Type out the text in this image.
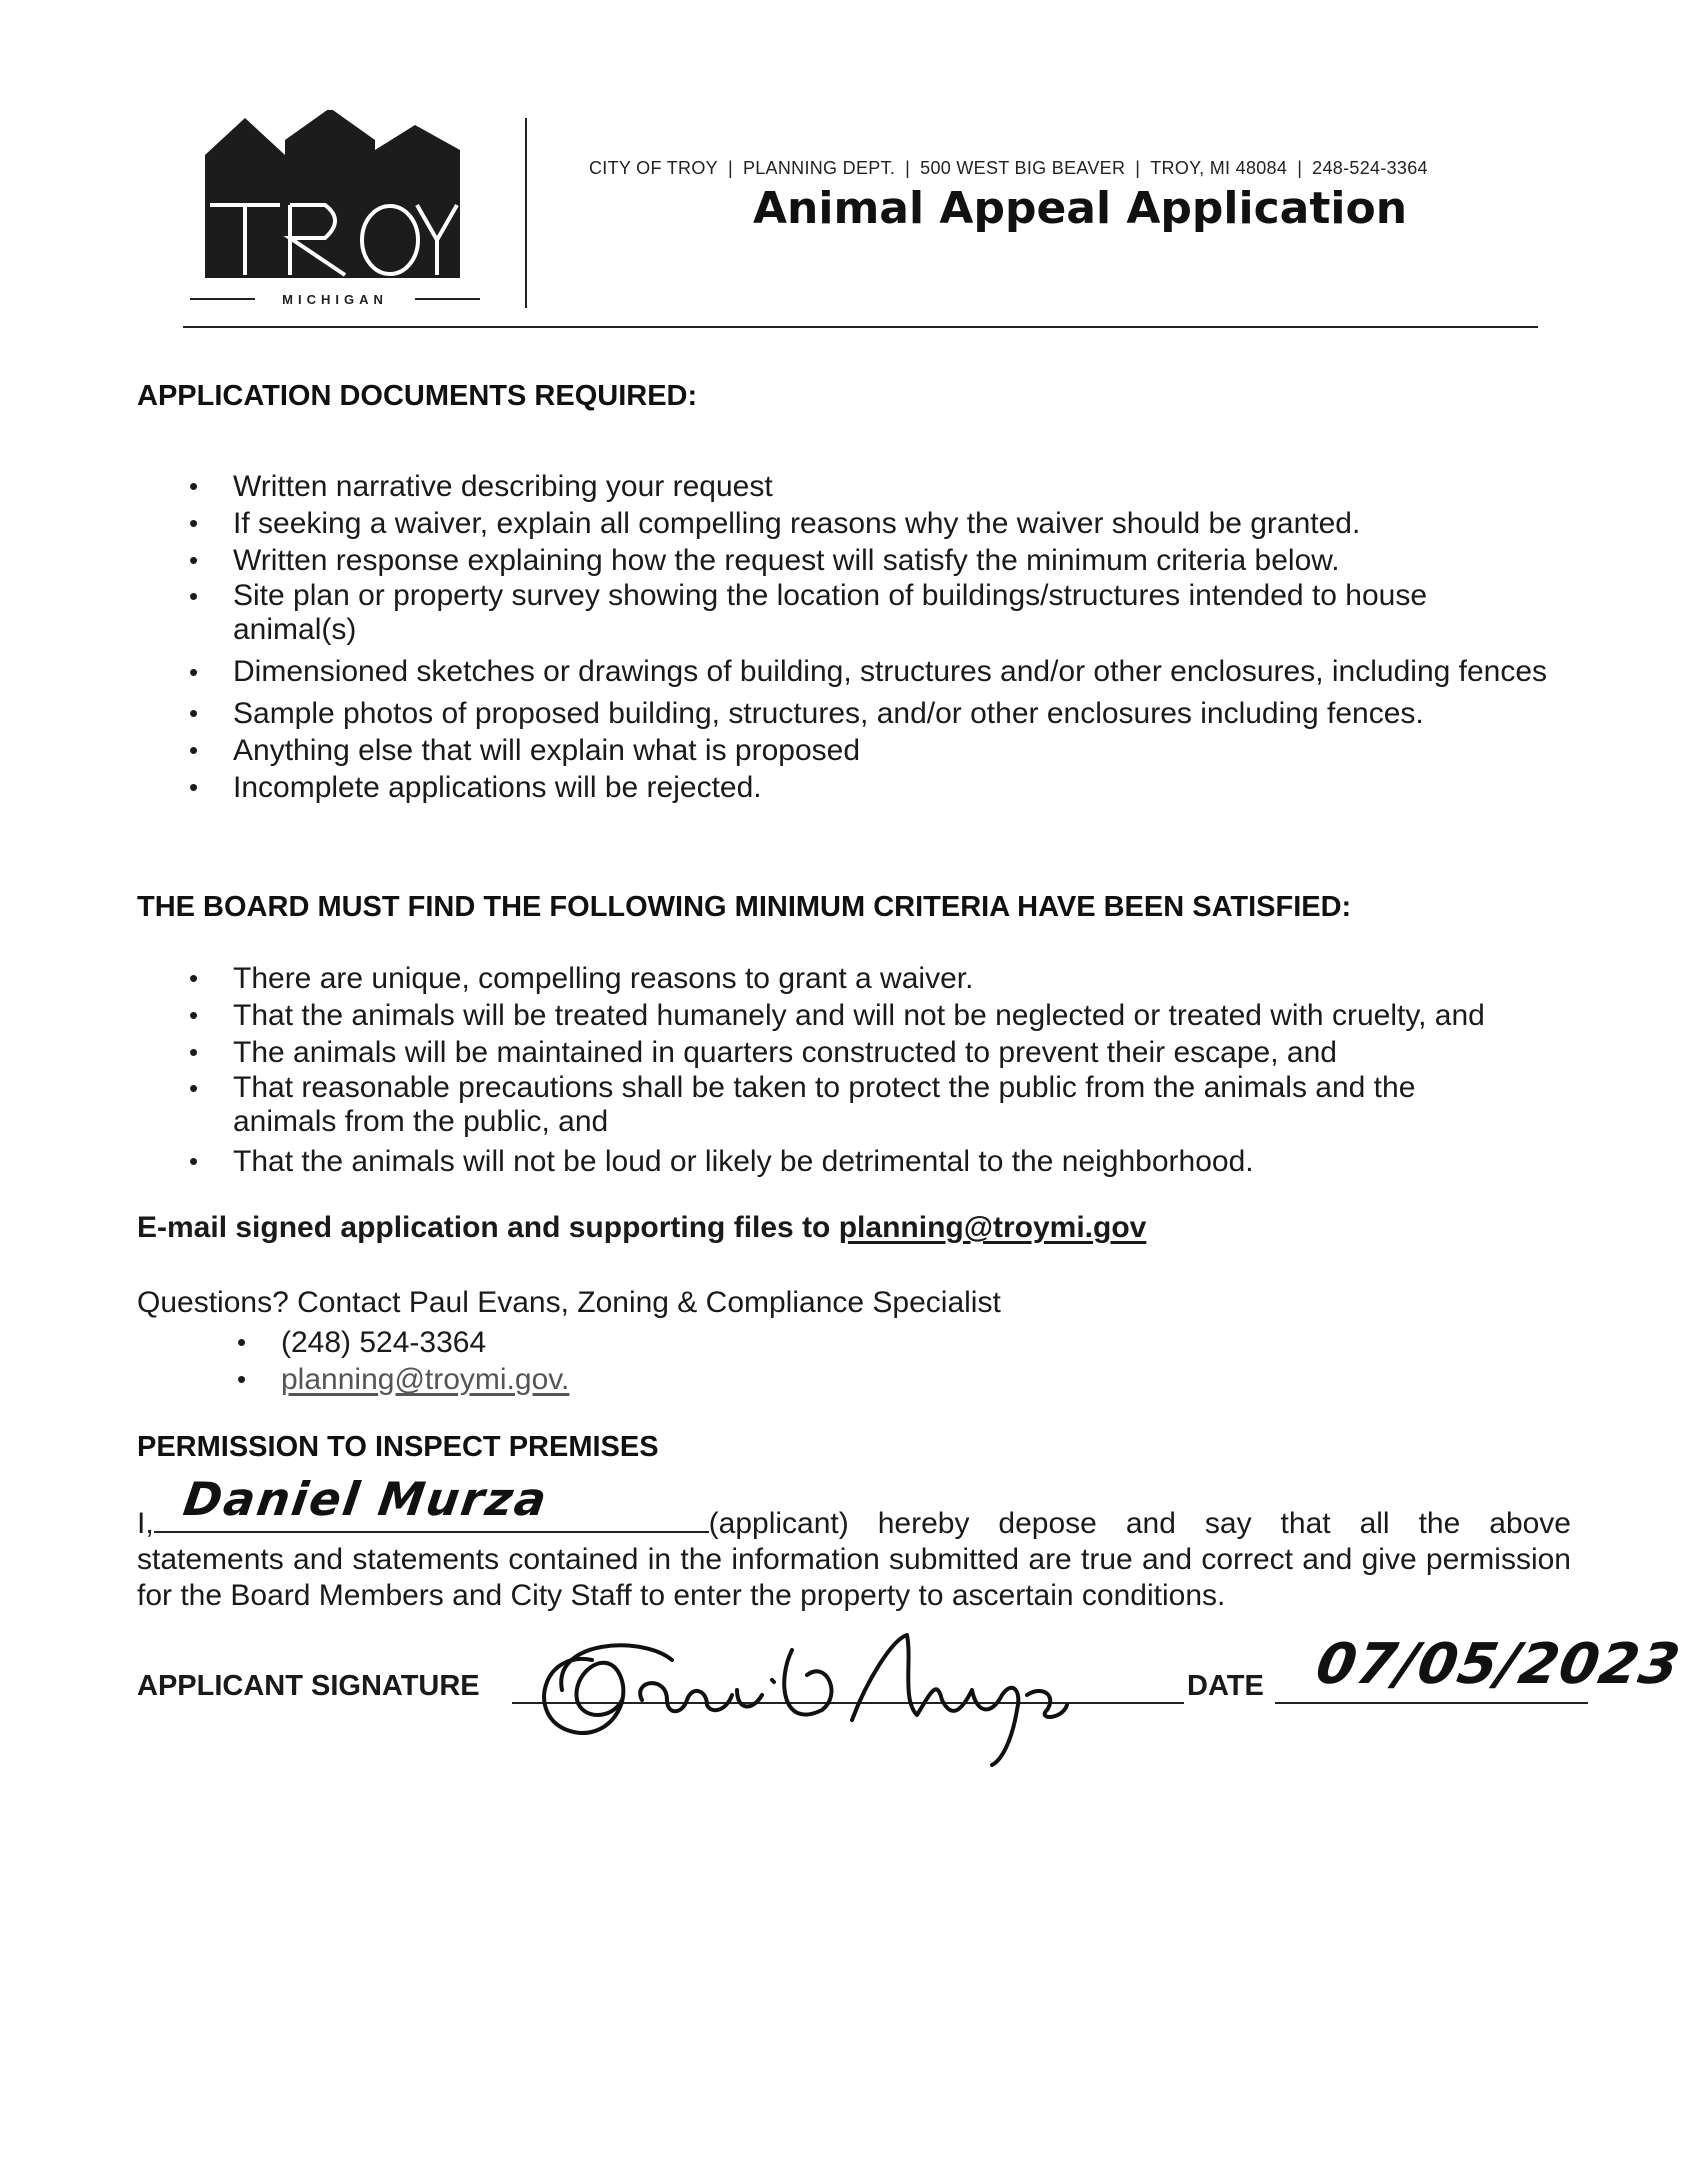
MICHIGAN
TROY
CITY OF TROY | PLANNING DEPT. | 500 WEST BIG BEAVER | TROY, MI 48084 | 248-524-3364
Animal Appeal Application
APPLICATION DOCUMENTS REQUIRED:
• Written narrative describing your request
• If seeking a waiver, explain all compelling reasons why the waiver should be granted.
• Written response explaining how the request will satisfy the minimum criteria below.
• Site plan or property survey showing the location of buildings/structures intended to house animal(s)
• Dimensioned sketches or drawings of building, structures and/or other enclosures, including fences
• Sample photos of proposed building, structures, and/or other enclosures including fences.
• Anything else that will explain what is proposed
• Incomplete applications will be rejected.
THE BOARD MUST FIND THE FOLLOWING MINIMUM CRITERIA HAVE BEEN SATISFIED:
• There are unique, compelling reasons to grant a waiver.
• That the animals will be treated humanely and will not be neglected or treated with cruelty, and
• The animals will be maintained in quarters constructed to prevent their escape, and
• That reasonable precautions shall be taken to protect the public from the animals and the animals from the public, and
• That the animals will not be loud or likely be detrimental to the neighborhood.
E-mail signed application and supporting files to planning@troymi.gov
Questions? Contact Paul Evans, Zoning & Compliance Specialist
• (248) 524-3364
• planning@troymi.gov.
PERMISSION TO INSPECT PREMISES
I, Daniel Murza	(applicant) hereby depose and say that all the above
statements and statements contained in the information submitted are true and correct and give permission for the Board Members and City Staff to enter the property to ascertain conditions.
APPLICANT SIGNATURE	DATE 07/05/2023
